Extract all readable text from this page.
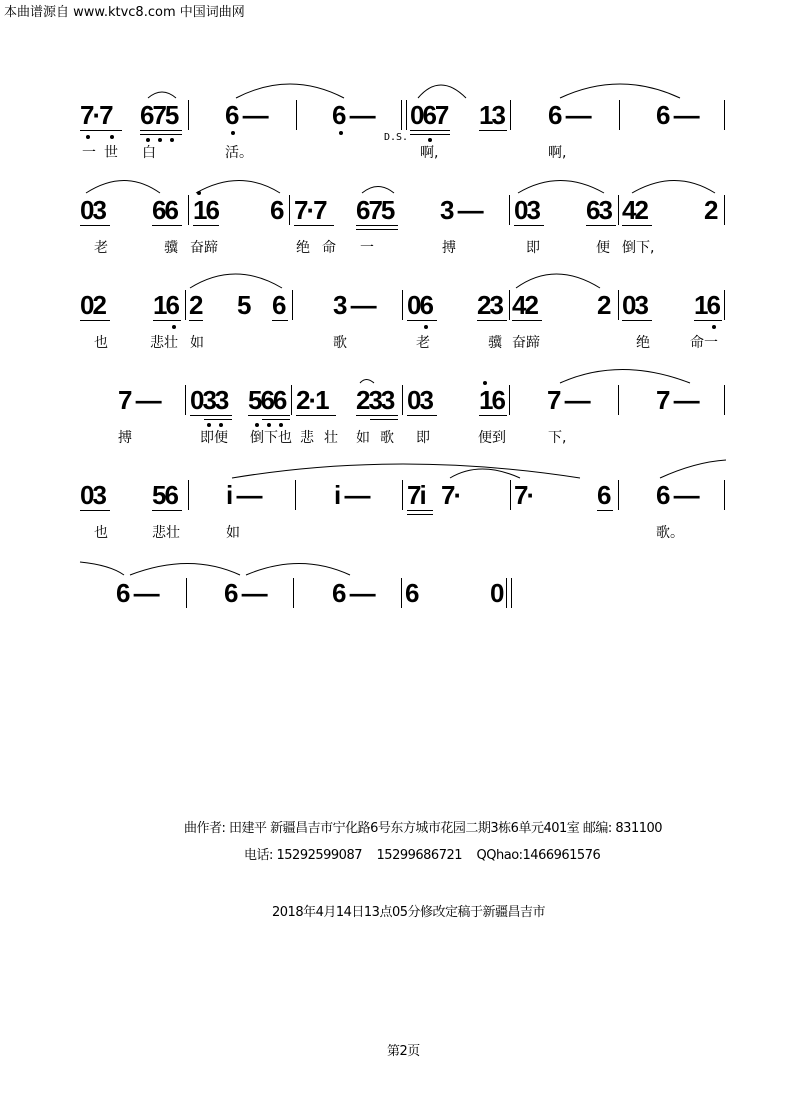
本曲谱源自 www.ktvc8.com 中国词曲网
7·7 675 6 —	6 — 067 13 6 —	6 —
D.S.
一 世 白	活。	啊,	啊,
03 66 16 6 7·7 675 3 — 03 63 42 2
老	骥 奋蹄	绝 命 一	搏	即	便 倒 下,
02 16 2 5 6 3 — 06 23 42 2 03 16
也	悲壮 如	歌	老	骥 奋蹄	绝	命一
7 — 033 566 2·1 233 03 16 7 —	7 —
搏	即便 倒下也 悲 壮 如 歌 即	便到	下,
03 56 i —	i — 7i 7· 7· 6 6 —
也	悲壮	如	歌。
6 —	6 —	6 — 6	0
曲作者: 田建平 新疆昌吉市宁化路6号东方城市花园二期3栋6单元401室 邮编: 831100
电话: 15292599087    15299686721    QQhao:1466961576
2018年4月14日13点05分修改定稿于新疆昌吉市
第2页
